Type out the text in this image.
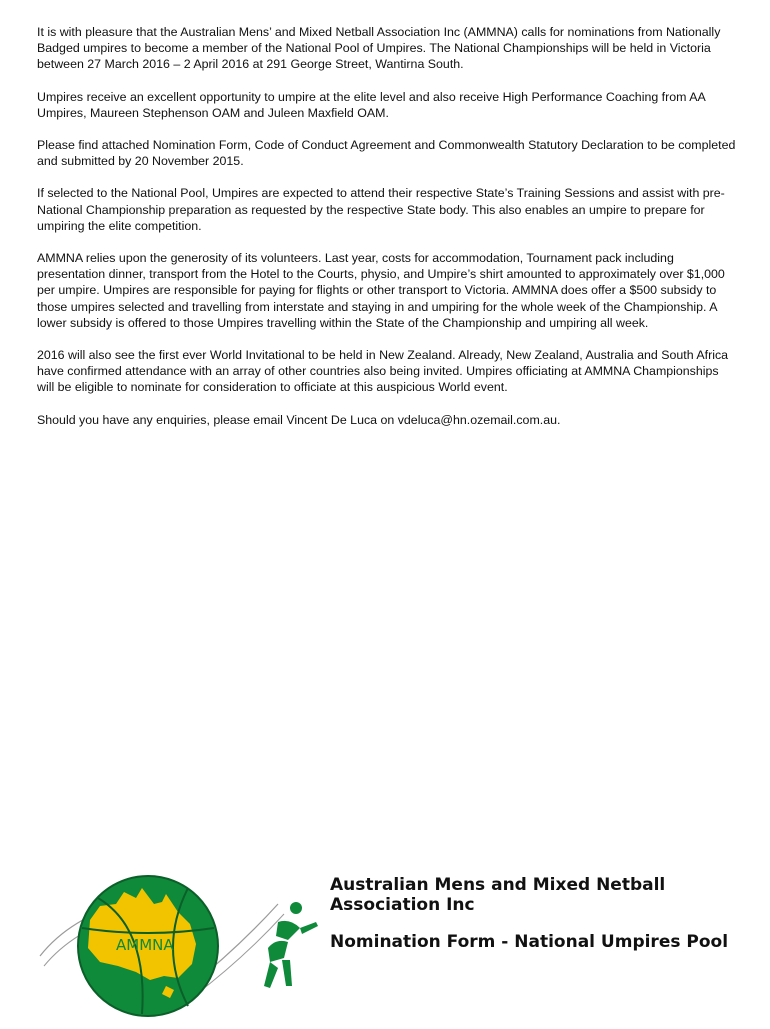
It is with pleasure that the Australian Mens’ and Mixed Netball Association Inc (AMMNA) calls for nominations from Nationally Badged umpires to become a member of the National Pool of Umpires. The National Championships will be held in Victoria between 27 March 2016 – 2 April 2016 at 291 George Street, Wantirna South.

Umpires receive an excellent opportunity to umpire at the elite level and also receive High Performance Coaching from AA Umpires, Maureen Stephenson OAM and Juleen Maxfield OAM.

Please find attached Nomination Form, Code of Conduct Agreement and Commonwealth Statutory Declaration to be completed and submitted by 20 November 2015.

If selected to the National Pool, Umpires are expected to attend their respective State’s Training Sessions and assist with pre-National Championship preparation as requested by the respective State body. This also enables an umpire to prepare for umpiring the elite competition.

AMMNA relies upon the generosity of its volunteers. Last year, costs for accommodation, Tournament pack including presentation dinner, transport from the Hotel to the Courts, physio, and Umpire’s shirt amounted to approximately over $1,000 per umpire. Umpires are responsible for paying for flights or other transport to Victoria. AMMNA does offer a $500 subsidy to those umpires selected and travelling from interstate and staying in and umpiring for the whole week of the Championship. A lower subsidy is offered to those Umpires travelling within the State of the Championship and umpiring all week.

2016 will also see the first ever World Invitational to be held in New Zealand. Already, New Zealand, Australia and South Africa have confirmed attendance with an array of other countries also being invited. Umpires officiating at AMMNA Championships will be eligible to nominate for consideration to officiate at this auspicious World event.

Should you have any enquiries, please email Vincent De Luca on vdeluca@hn.ozemail.com.au.

AMMNA
Australian Mens and Mixed Netball Association Inc
Nomination Form - National Umpires Pool
